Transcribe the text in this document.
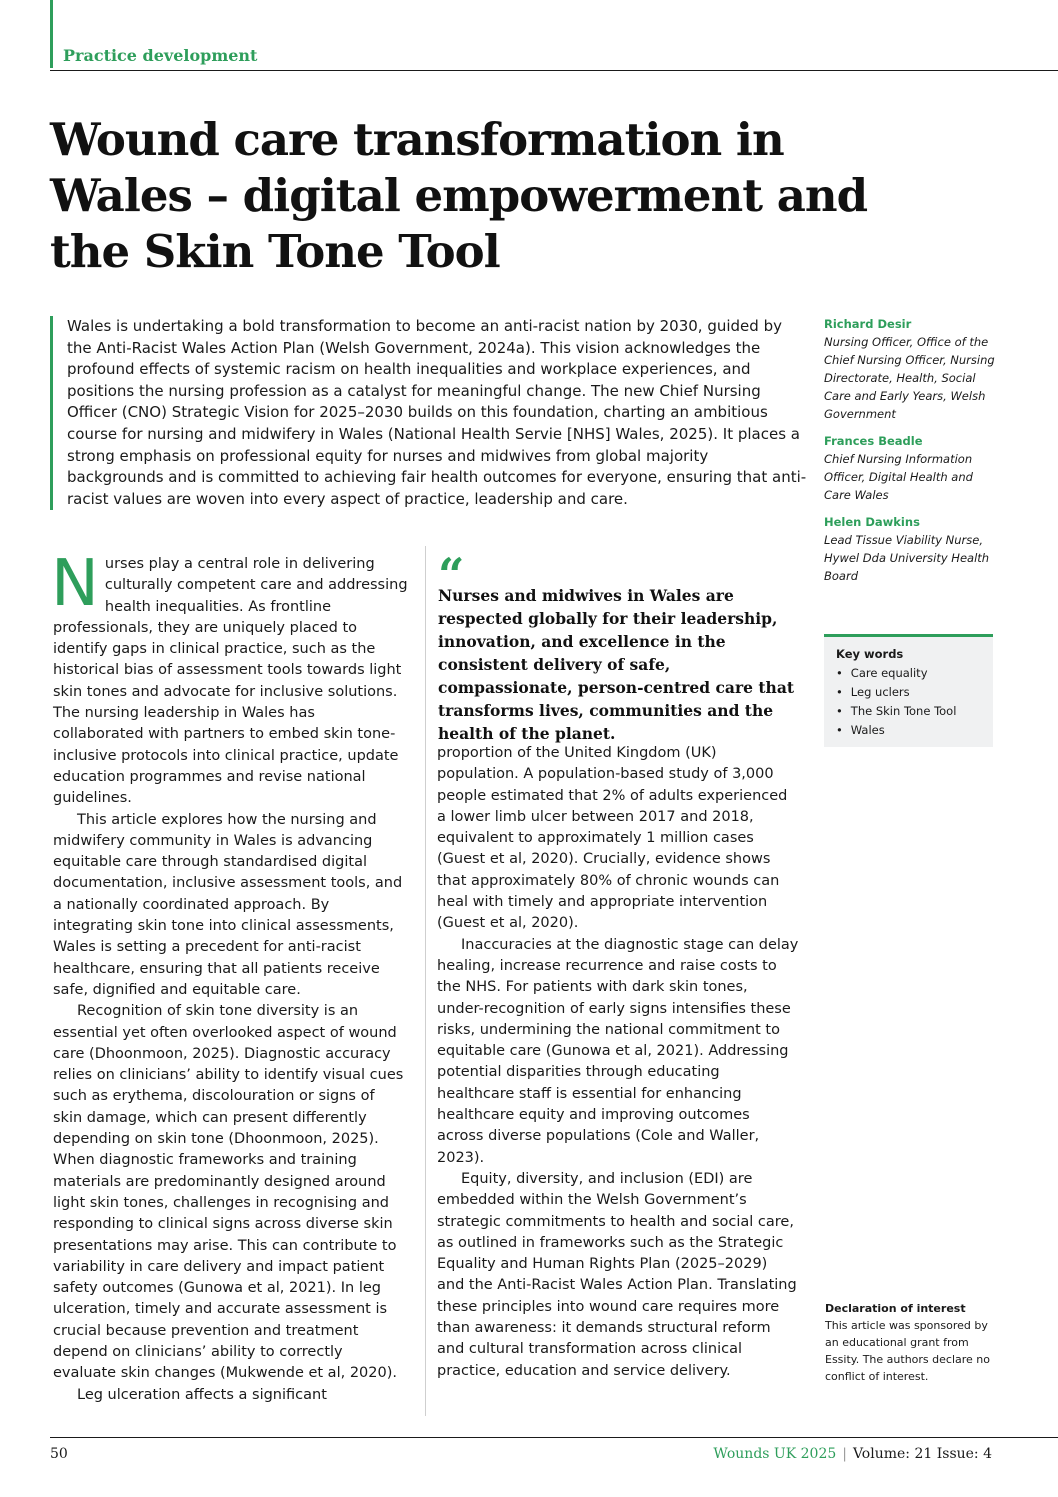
Practice development
Wound care transformation in Wales – digital empowerment and the Skin Tone Tool
Wales is undertaking a bold transformation to become an anti-racist nation by 2030, guided by the Anti-Racist Wales Action Plan (Welsh Government, 2024a). This vision acknowledges the profound effects of systemic racism on health inequalities and workplace experiences, and positions the nursing profession as a catalyst for meaningful change. The new Chief Nursing Officer (CNO) Strategic Vision for 2025–2030 builds on this foundation, charting an ambitious course for nursing and midwifery in Wales (National Health Servie [NHS] Wales, 2025). It places a strong emphasis on professional equity for nurses and midwives from global majority backgrounds and is committed to achieving fair health outcomes for everyone, ensuring that anti-racist values are woven into every aspect of practice, leadership and care.
Richard Desir
Nursing Officer, Office of the Chief Nursing Officer, Nursing Directorate, Health, Social Care and Early Years, Welsh Government
Frances Beadle
Chief Nursing Information Officer, Digital Health and Care Wales
Helen Dawkins
Lead Tissue Viability Nurse, Hywel Dda University Health Board
Key words
• Care equality
• Leg uclers
• The Skin Tone Tool
• Wales

Nurses play a central role in delivering culturally competent care and addressing health inequalities. As frontline professionals, they are uniquely placed to identify gaps in clinical practice, such as the historical bias of assessment tools towards light skin tones and advocate for inclusive solutions. The nursing leadership in Wales has collaborated with partners to embed skin tone-inclusive protocols into clinical practice, update education programmes and revise national guidelines.

This article explores how the nursing and midwifery community in Wales is advancing equitable care through standardised digital documentation, inclusive assessment tools, and a nationally coordinated approach. By integrating skin tone into clinical assessments, Wales is setting a precedent for anti-racist healthcare, ensuring that all patients receive safe, dignified and equitable care.

Recognition of skin tone diversity is an essential yet often overlooked aspect of wound care (Dhoonmoon, 2025). Diagnostic accuracy relies on clinicians’ ability to identify visual cues such as erythema, discolouration or signs of skin damage, which can present differently depending on skin tone (Dhoonmoon, 2025). When diagnostic frameworks and training materials are predominantly designed around light skin tones, challenges in recognising and responding to clinical signs across diverse skin presentations may arise. This can contribute to variability in care delivery and impact patient safety outcomes (Gunowa et al, 2021). In leg ulceration, timely and accurate assessment is crucial because prevention and treatment depend on clinicians’ ability to correctly evaluate skin changes (Mukwende et al, 2020).

Leg ulceration affects a significant

“

Nurses and midwives in Wales are respected globally for their leadership, innovation, and excellence in the consistent delivery of safe, compassionate, person-centred care that transforms lives, communities and the health of the planet.

proportion of the United Kingdom (UK) population. A population-based study of 3,000 people estimated that 2% of adults experienced a lower limb ulcer between 2017 and 2018, equivalent to approximately 1 million cases (Guest et al, 2020). Crucially, evidence shows that approximately 80% of chronic wounds can heal with timely and appropriate intervention (Guest et al, 2020).

Inaccuracies at the diagnostic stage can delay healing, increase recurrence and raise costs to the NHS. For patients with dark skin tones, under-recognition of early signs intensifies these risks, undermining the national commitment to equitable care (Gunowa et al, 2021). Addressing potential disparities through educating healthcare staff is essential for enhancing healthcare equity and improving outcomes across diverse populations (Cole and Waller, 2023).

Equity, diversity, and inclusion (EDI) are embedded within the Welsh Government’s strategic commitments to health and social care, as outlined in frameworks such as the Strategic Equality and Human Rights Plan (2025–2029) and the Anti-Racist Wales Action Plan. Translating these principles into wound care requires more than awareness: it demands structural reform and cultural transformation across clinical practice, education and service delivery.

Declaration of interest
This article was sponsored by an educational grant from Essity. The authors declare no conflict of interest.
50	Wounds UK 2025 | Volume: 21 Issue: 4
